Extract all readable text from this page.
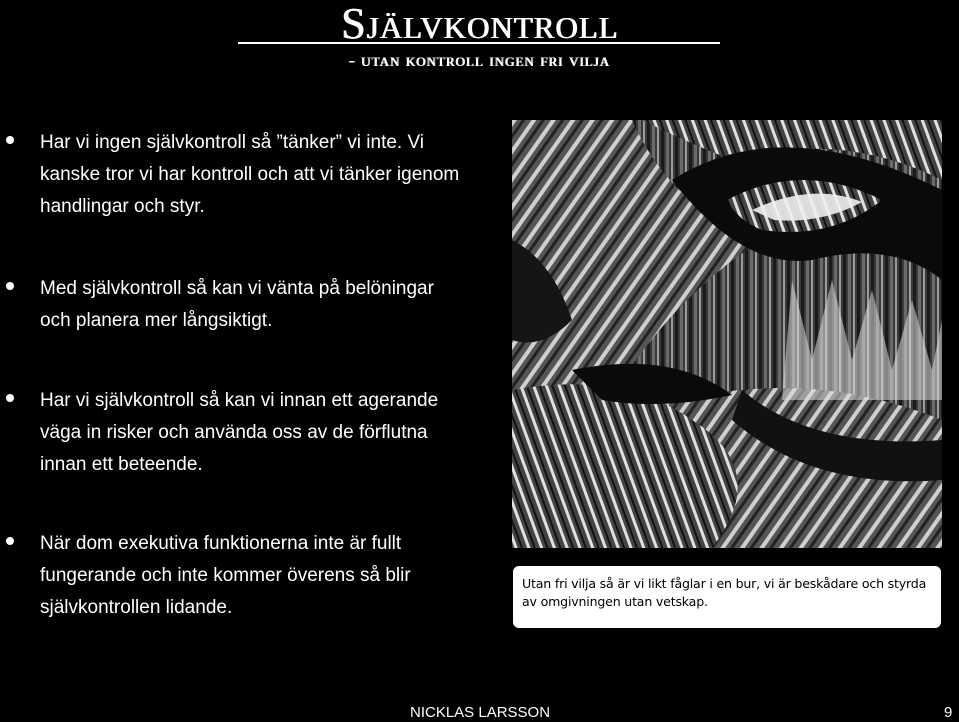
Självkontroll
- utan kontroll ingen fri vilja
Har vi ingen självkontroll så ”tänker” vi inte. Vi kanske tror vi har kontroll och att vi tänker igenom handlingar och styr.
Med självkontroll så kan vi vänta på belöningar och planera mer långsiktigt.
Har vi självkontroll så kan vi innan ett agerande väga in risker och använda oss av de förflutna innan ett beteende.
När dom exekutiva funktionerna inte är fullt fungerande och inte kommer överens så blir självkontrollen lidande.
Utan fri vilja så är vi likt fåglar i en bur, vi är beskådare och styrda av omgivningen utan vetskap.
NICKLAS LARSSON	9
